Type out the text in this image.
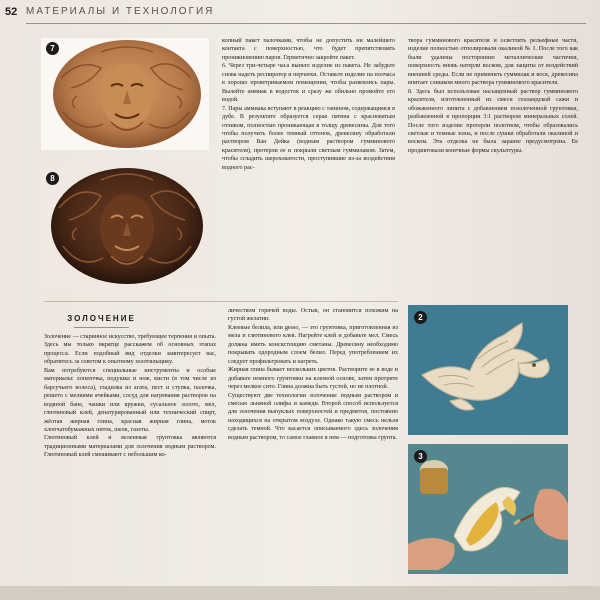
52 МАТЕРИАЛЫ И ТЕХНОЛОГИЯ
7
8

копный пакет палочками, чтобы не допустить ни малейшего контакта с поверхностью, что будет препятствовать проникновению паров. Герметично закройте пакет.
6. Через три-четыре часа выньте изделие из пакета. Не забудьте снова надеть респиратор и перчатки. Оставьте изделие на полчаса в хорошо проветриваемом помещении, чтобы развеялись пары. Вылейте аммиак в водосток и сразу же обильно промойте его водой.
7. Пары аммиака вступают в реакцию с танином, содержащимся в дубе. В результате образуется серая патина с красноватым отливом, полностью проникающая в толщу древесины. Для того чтобы получить более темный оттенок, древесину обработали раствором Ван Дейка (водным раствором гумминового красителя), протерли ее и покрыли светлым гуммилаком. Затем, чтобы сгладить шероховатости, проступившие из-за воздействия водного рас-

твора гумминового красителя и осветлить рельефные части, изделие полностью отполировали окалиной № 1. После того как были удалены постороннее металлические частички, поверхность вновь натерли воском, для защиты от воздействий внешней среды. Если не применить гуммилак и воск, древесина впитает слишком много раствора гумминового красителя.
8. Здесь был использован насыщенный раствор гумминового красителя, изготовленный из смеси голландской сажи и обожженного липита с добавлением позолоченной грунтовки, разбавленной в пропорции 3:1 раствором минеральных солей. После того изделие протерли полотном, чтобы образовались светлые и темные зоны, и после сушки обработали окалиной и воском. Эта отделка не была заранее предусмотрена. Ее продиктовали конечные формы скульптуры.

ЗОЛОЧЕНИЕ

Золочение — старинное искусство, требующее терпения и опыта. Здесь мы только вкратце расскажем об основных этапах процесса. Если подобный вид отделки заинтересует вас, обратитесь за советом к опытному золотильщику.
Вам потребуются специальные инструменты и особые материалы: лопаточка, подушка и нож, кисти (в том числе из барсучьего волоса), гладилка из агата, пест и ступка, палочка, решето с мелкими ячейками, сосуд для нагревания растворов на водяной бане, чашки или кружки, сусальное золото, мел, глютиновый клей, денатурированный или технический спирт, жёлтая жирная глина, красная жирная глина, моток хлопчатобумажных ниток, шелк, газеты.
Глютиновый клей и веленевая грунтовка являются традиционными материалами для золочения водным раствором. Глютиновый клей смешивают с небольшим ко-

личеством горячей воды. Остыв, он становится похожим на густой желатин.
Клеевые белила, или gesso, — это грунтовка, приготовленная из мела и глютинового клея. Нагрейте клей и добавьте мел. Смесь должна иметь консистенцию сметаны. Древесину необходимо покрывать одородным слоем белил. Перед употреблением их следует профильтровать и нагреть.
Жирная глина бывает нескольких цветов. Растворите ее в воде и добавьте немного грунтовки на клеевой основе, затем протрите через мелкое сито. Глина должна быть густой, но не плотной.
Существуют две технологии золочения: водным раствором и смесью льняной олифы и камеди. Второй способ используется для золочения выпуклых поверхностей и предметов, постоянно находящихся на открытом воздухе. Однако такую смесь нельзя сделать темной. Что касается описываемого здесь золочения водным раствором, то самое главное в нем — подготовка грунта.

2
3
